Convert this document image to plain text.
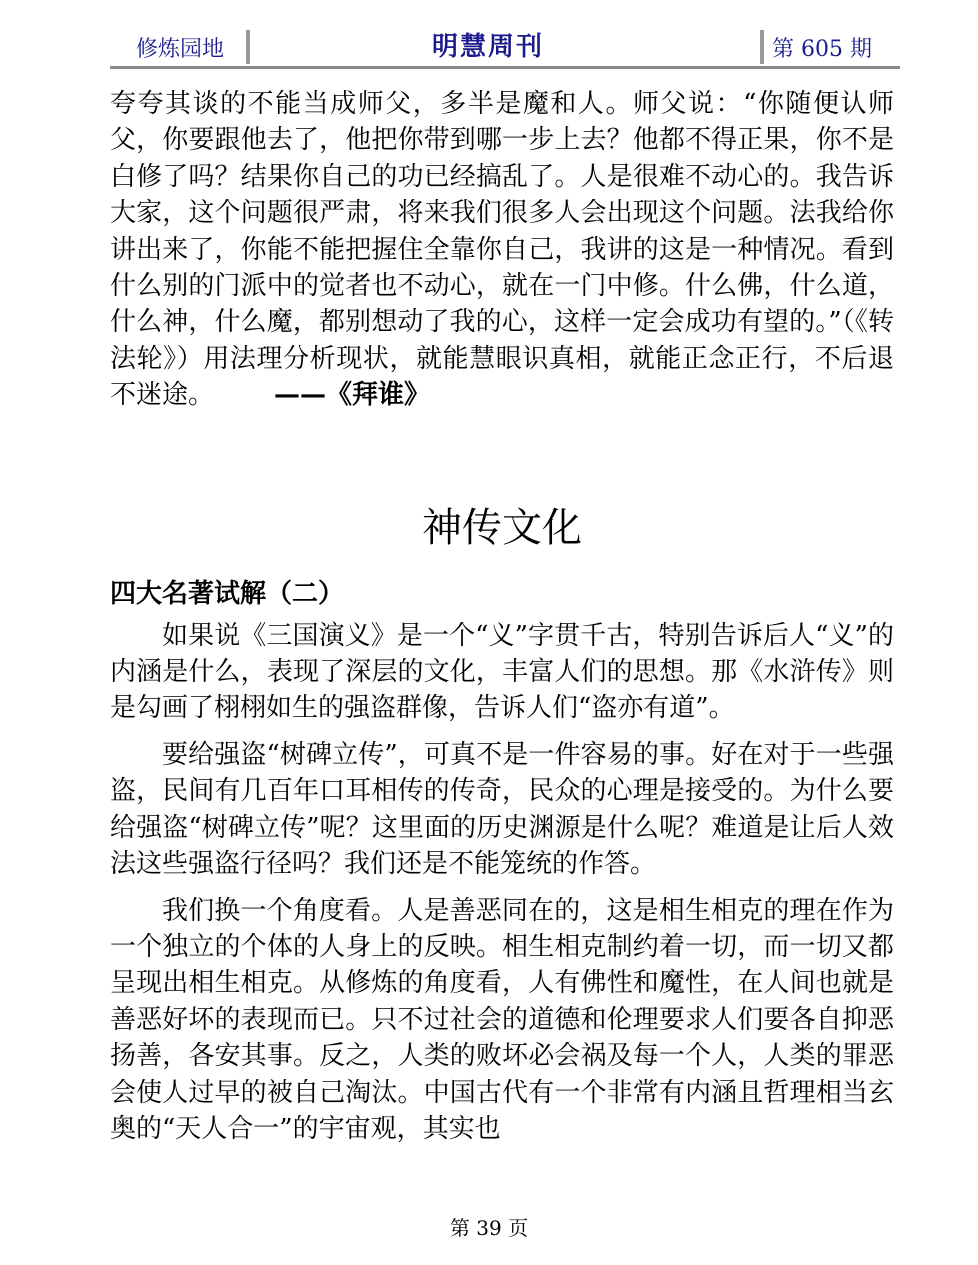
修炼园地	明慧周刊	第 605 期

夸夸其谈的不能当成师父，多半是魔和人。师父说：“你随便认师父，你要跟他去了，他把你带到哪一步上去？他都不得正果，你不是白修了吗？结果你自己的功已经搞乱了。人是很难不动心的。我告诉大家，这个问题很严肃，将来我们很多人会出现这个问题。法我给你讲出来了，你能不能把握住全靠你自己，我讲的这是一种情况。看到什么别的门派中的觉者也不动心，就在一门中修。什么佛，什么道，什么神，什么魔，都别想动了我的心，这样一定会成功有望的。”（《转法轮》）用法理分析现状，就能慧眼识真相，就能正念正行，不后退不迷途。 ——《拜谁》

神传文化
四大名著试解（二）

如果说《三国演义》是一个“义”字贯千古，特别告诉后人“义”的内涵是什么，表现了深层的文化，丰富人们的思想。那《水浒传》则是勾画了栩栩如生的强盗群像，告诉人们“盗亦有道”。

要给强盗“树碑立传”，可真不是一件容易的事。好在对于一些强盗，民间有几百年口耳相传的传奇，民众的心理是接受的。为什么要给强盗“树碑立传”呢？这里面的历史渊源是什么呢？难道是让后人效法这些强盗行径吗？我们还是不能笼统的作答。

我们换一个角度看。人是善恶同在的，这是相生相克的理在作为一个独立的个体的人身上的反映。相生相克制约着一切，而一切又都呈现出相生相克。从修炼的角度看，人有佛性和魔性，在人间也就是善恶好坏的表现而已。只不过社会的道德和伦理要求人们要各自抑恶扬善，各安其事。反之，人类的败坏必会祸及每一个人，人类的罪恶会使人过早的被自己淘汰。中国古代有一个非常有内涵且哲理相当玄奥的“天人合一”的宇宙观，其实也

第 39 页
